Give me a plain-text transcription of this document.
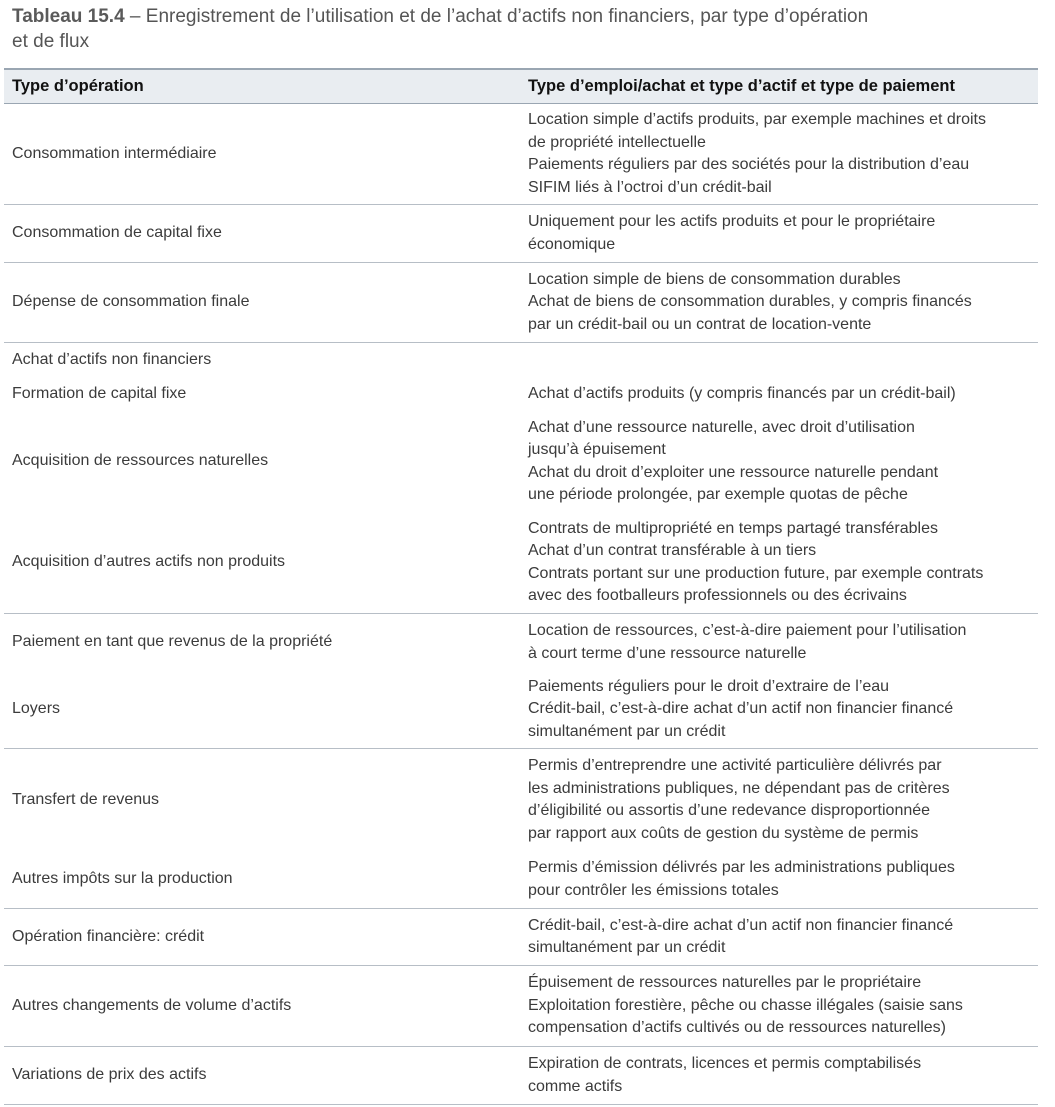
Tableau 15.4 – Enregistrement de l’utilisation et de l’achat d’actifs non financiers, par type d’opération
et de flux
Type d’opération	Type d’emploi/achat et type d’actif et type de paiement
Consommation intermédiaire
Location simple d’actifs produits, par exemple machines et droits
de propriété intellectuelle
Paiements réguliers par des sociétés pour la distribution d’eau
SIFIM liés à l’octroi d’un crédit-bail
Consommation de capital fixe
Uniquement pour les actifs produits et pour le propriétaire
économique
Dépense de consommation finale
Location simple de biens de consommation durables
Achat de biens de consommation durables, y compris financés
par un crédit-bail ou un contrat de location-vente
Achat d’actifs non financiers
Formation de capital fixe	Achat d’actifs produits (y compris financés par un crédit-bail)
Acquisition de ressources naturelles
Achat d’une ressource naturelle, avec droit d’utilisation
jusqu’à épuisement
Achat du droit d’exploiter une ressource naturelle pendant
une période prolongée, par exemple quotas de pêche
Acquisition d’autres actifs non produits
Contrats de multipropriété en temps partagé transférables
Achat d’un contrat transférable à un tiers
Contrats portant sur une production future, par exemple contrats
avec des footballeurs professionnels ou des écrivains
Paiement en tant que revenus de la propriété
Location de ressources, c’est-à-dire paiement pour l’utilisation
à court terme d’une ressource naturelle
Loyers
Paiements réguliers pour le droit d’extraire de l’eau
Crédit-bail, c’est-à-dire achat d’un actif non financier financé
simultanément par un crédit
Transfert de revenus
Permis d’entreprendre une activité particulière délivrés par
les administrations publiques, ne dépendant pas de critères
d’éligibilité ou assortis d’une redevance disproportionnée
par rapport aux coûts de gestion du système de permis
Autres impôts sur la production
Permis d’émission délivrés par les administrations publiques
pour contrôler les émissions totales
Opération financière: crédit
Crédit-bail, c’est-à-dire achat d’un actif non financier financé
simultanément par un crédit
Autres changements de volume d’actifs
Épuisement de ressources naturelles par le propriétaire
Exploitation forestière, pêche ou chasse illégales (saisie sans
compensation d’actifs cultivés ou de ressources naturelles)
Variations de prix des actifs
Expiration de contrats, licences et permis comptabilisés
comme actifs
